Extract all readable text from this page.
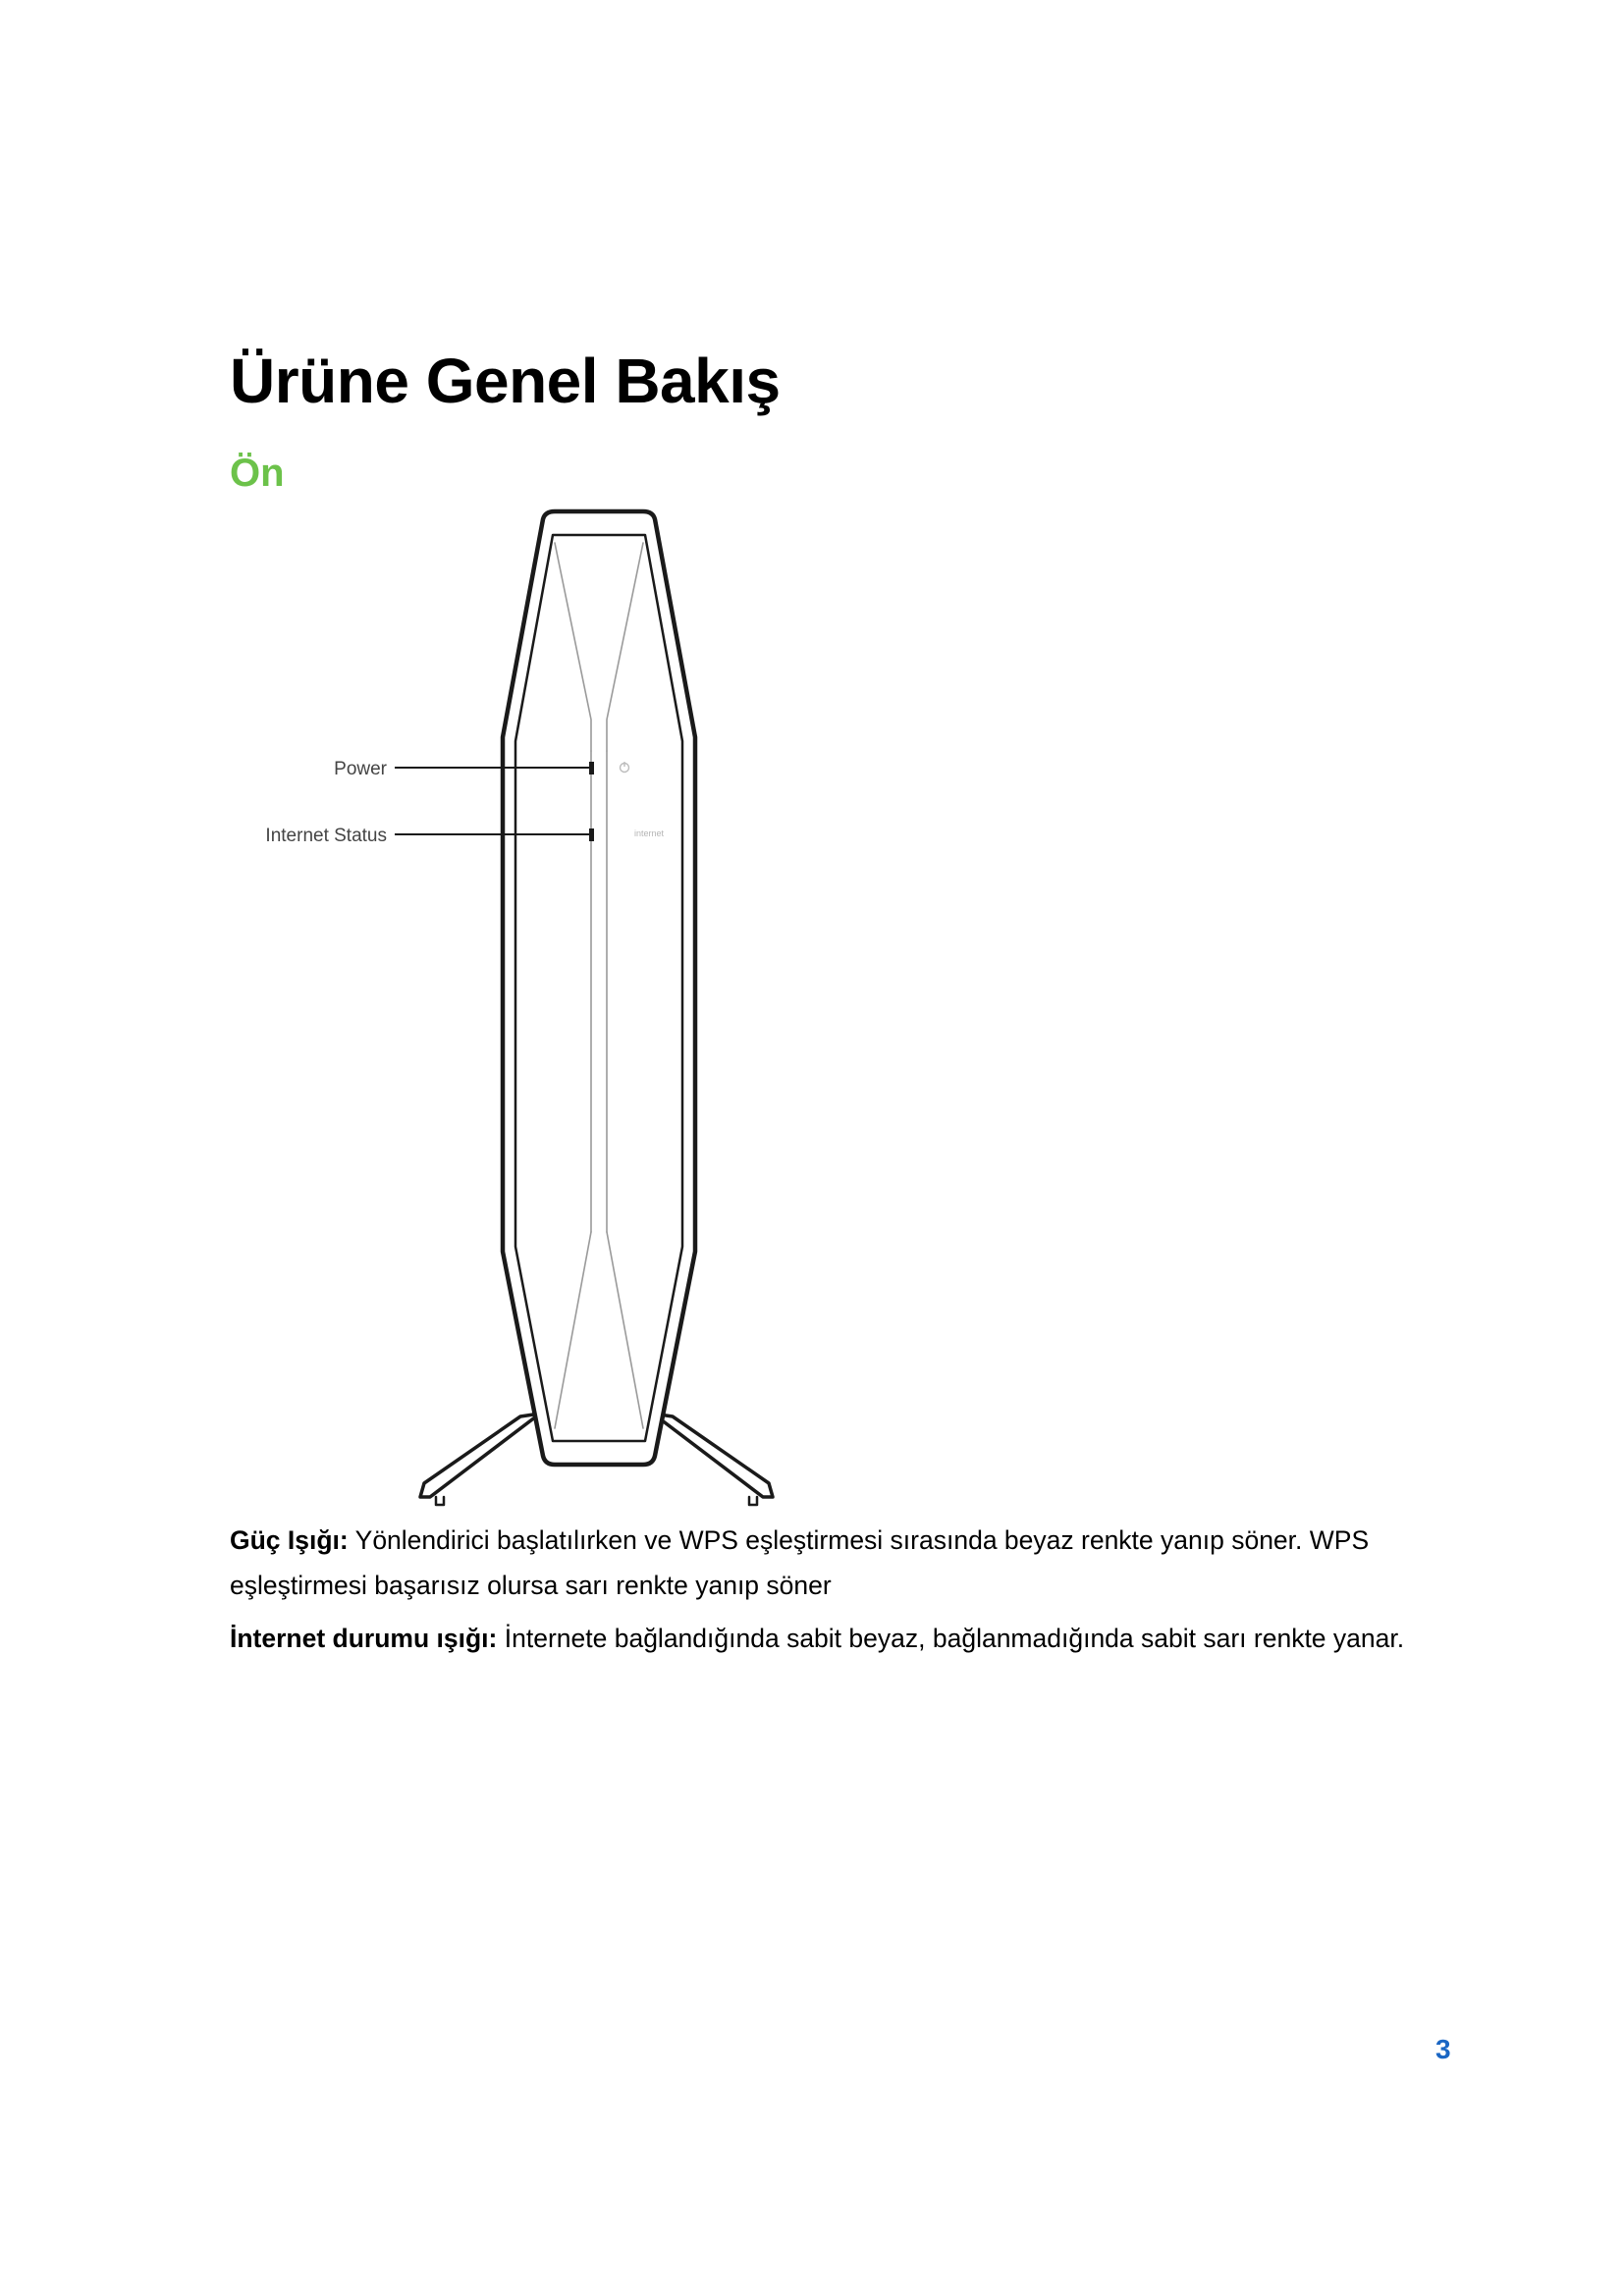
Ürüne Genel Bakış
Ön
internet
Power
Internet Status

Güç Işığı: Yönlendirici başlatılırken ve WPS eşleştirmesi sırasında beyaz renkte yanıp söner. WPS eşleştirmesi başarısız olursa sarı renkte yanıp söner

İnternet durumu ışığı: İnternete bağlandığında sabit beyaz, bağlanmadığında sabit sarı renkte yanar.

3
